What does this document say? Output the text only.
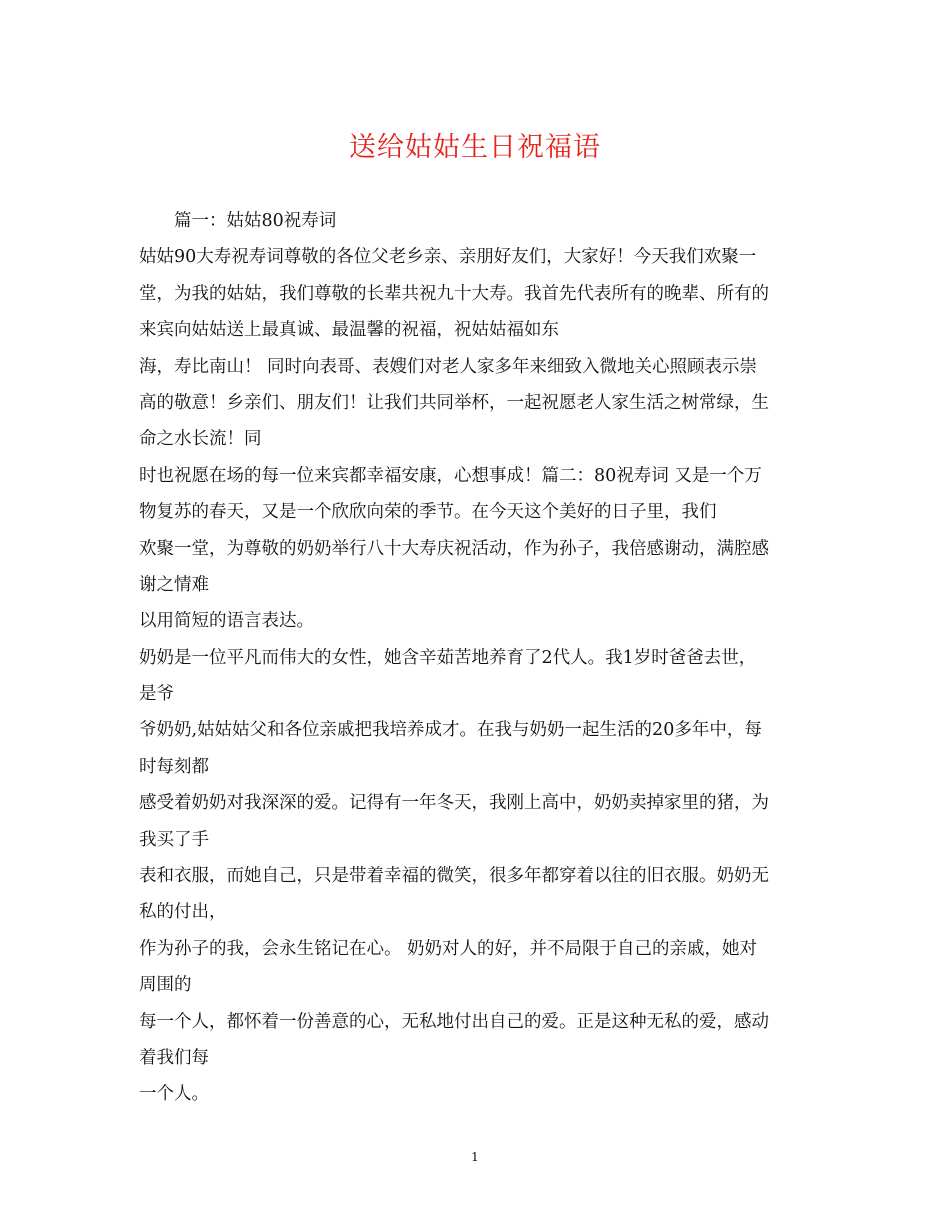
送给姑姑生日祝福语
篇一：姑姑80祝寿词
姑姑90大寿祝寿词尊敬的各位父老乡亲、亲朋好友们，大家好！今天我们欢聚一
堂，为我的姑姑，我们尊敬的长辈共祝九十大寿。我首先代表所有的晚辈、所有的
来宾向姑姑送上最真诚、最温馨的祝福，祝姑姑福如东
海，寿比南山！ 同时向表哥、表嫂们对老人家多年来细致入微地关心照顾表示崇
高的敬意！乡亲们、朋友们！让我们共同举杯，一起祝愿老人家生活之树常绿，生
命之水长流！同
时也祝愿在场的每一位来宾都幸福安康，心想事成！篇二：80祝寿词 又是一个万
物复苏的春天，又是一个欣欣向荣的季节。在今天这个美好的日子里，我们
欢聚一堂，为尊敬的奶奶举行八十大寿庆祝活动，作为孙子，我倍感谢动，满腔感
谢之情难
以用简短的语言表达。
奶奶是一位平凡而伟大的女性，她含辛茹苦地养育了2代人。我1岁时爸爸去世，
是爷
爷奶奶,姑姑姑父和各位亲戚把我培养成才。在我与奶奶一起生活的20多年中，每
时每刻都
感受着奶奶对我深深的爱。记得有一年冬天，我刚上高中，奶奶卖掉家里的猪，为
我买了手
表和衣服，而她自己，只是带着幸福的微笑，很多年都穿着以往的旧衣服。奶奶无
私的付出，
作为孙子的我，会永生铭记在心。 奶奶对人的好，并不局限于自己的亲戚，她对
周围的
每一个人，都怀着一份善意的心，无私地付出自己的爱。正是这种无私的爱，感动
着我们每
一个人。
1
